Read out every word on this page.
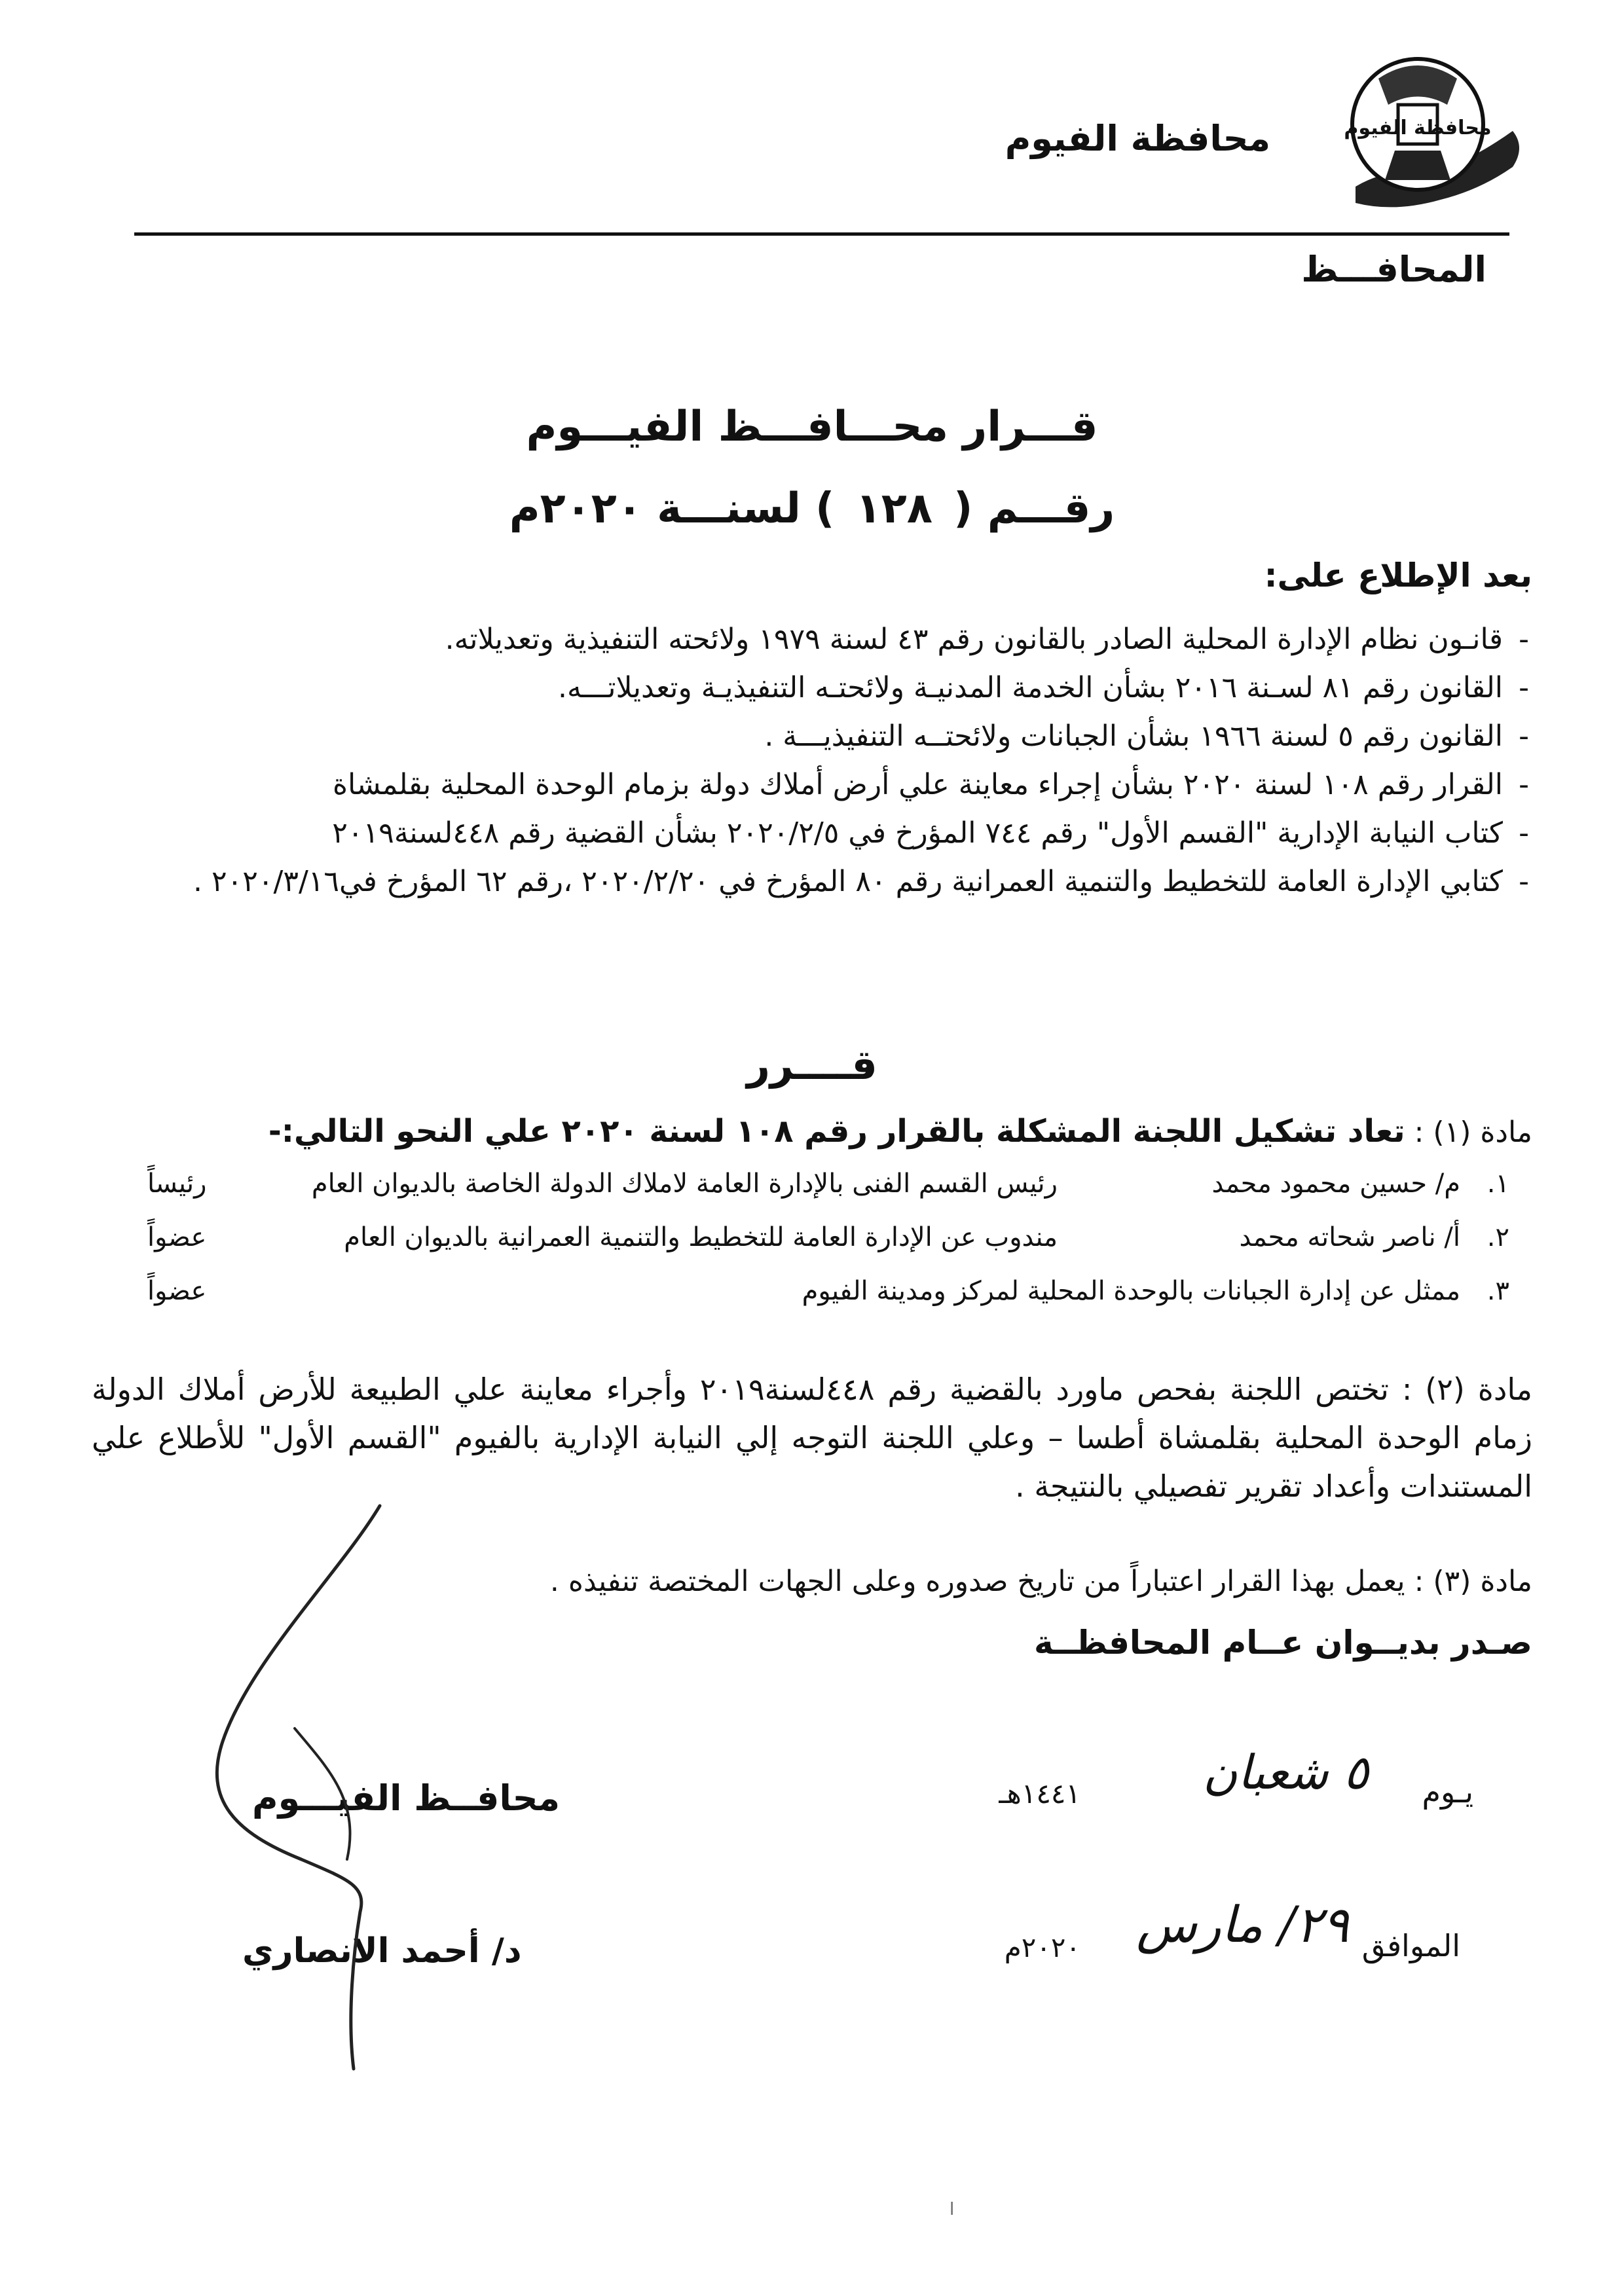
محافظة الفيوم
محافظة الفيوم
المحافـــظ
قـــرار محـــافـــظ الفيـــوم
رقـــم ( ١٢٨ ) لسنـــة ٢٠٢٠م
بعد الإطلاع على:
- قانـون نظام الإدارة المحلية الصادر بالقانون رقم ٤٣ لسنة ١٩٧٩ ولائحته التنفيذية وتعديلاته.
- القانون رقم ٨١ لسـنة ٢٠١٦ بشأن الخدمة المدنيـة ولائحتـه التنفيذيـة وتعديلاتـــه.
- القانون رقم ٥ لسنة ١٩٦٦ بشأن الجبانات ولائحتــه التنفيذيـــة .
- القرار رقم ١٠٨ لسنة ٢٠٢٠ بشأن إجراء معاينة علي أرض أملاك دولة بزمام الوحدة المحلية بقلمشاة
- كتاب النيابة الإدارية "القسم الأول" رقم ٧٤٤ المؤرخ في ٢٠٢٠/٢/٥ بشأن القضية رقم ٤٤٨لسنة٢٠١٩
- كتابي الإدارة العامة للتخطيط والتنمية العمرانية رقم ٨٠ المؤرخ في ٢٠٢٠/٢/٢٠ ،رقم ٦٢ المؤرخ في٢٠٢٠/٣/١٦ .
قــــرر
مادة (١) : تعاد تشكيل اللجنة المشكلة بالقرار رقم ١٠٨ لسنة ٢٠٢٠ علي النحو التالي:-
١.
م/ حسين محمود محمد
رئيس القسم الفنى بالإدارة العامة لاملاك الدولة الخاصة بالديوان العام
رئيساً
٢.
أ/ ناصر شحاته محمد
مندوب عن الإدارة العامة للتخطيط والتنمية العمرانية بالديوان العام
عضواً
٣.
ممثل عن إدارة الجبانات بالوحدة المحلية لمركز ومدينة الفيوم
عضواً
مادة (٢) : تختص اللجنة بفحص ماورد بالقضية رقم ٤٤٨لسنة٢٠١٩ وأجراء معاينة علي الطبيعة للأرض أملاك الدولة زمام الوحدة المحلية بقلمشاة أطسا – وعلي اللجنة التوجه إلي النيابة الإدارية بالفيوم "القسم الأول" للأطلاع علي المستندات وأعداد تقرير تفصيلي بالنتيجة .
مادة (٣) : يعمل بهذا القرار اعتباراً من تاريخ صدوره وعلى الجهات المختصة تنفيذه .
صـدر بديــوان عــام المحافظــة
يـوم
٥ شعبان
١٤٤١هـ
محافــظ الفيـــوم
الموافق
٢٩/ مارس
٢٠٢٠م
د/ أحمد الانصاري
ا
